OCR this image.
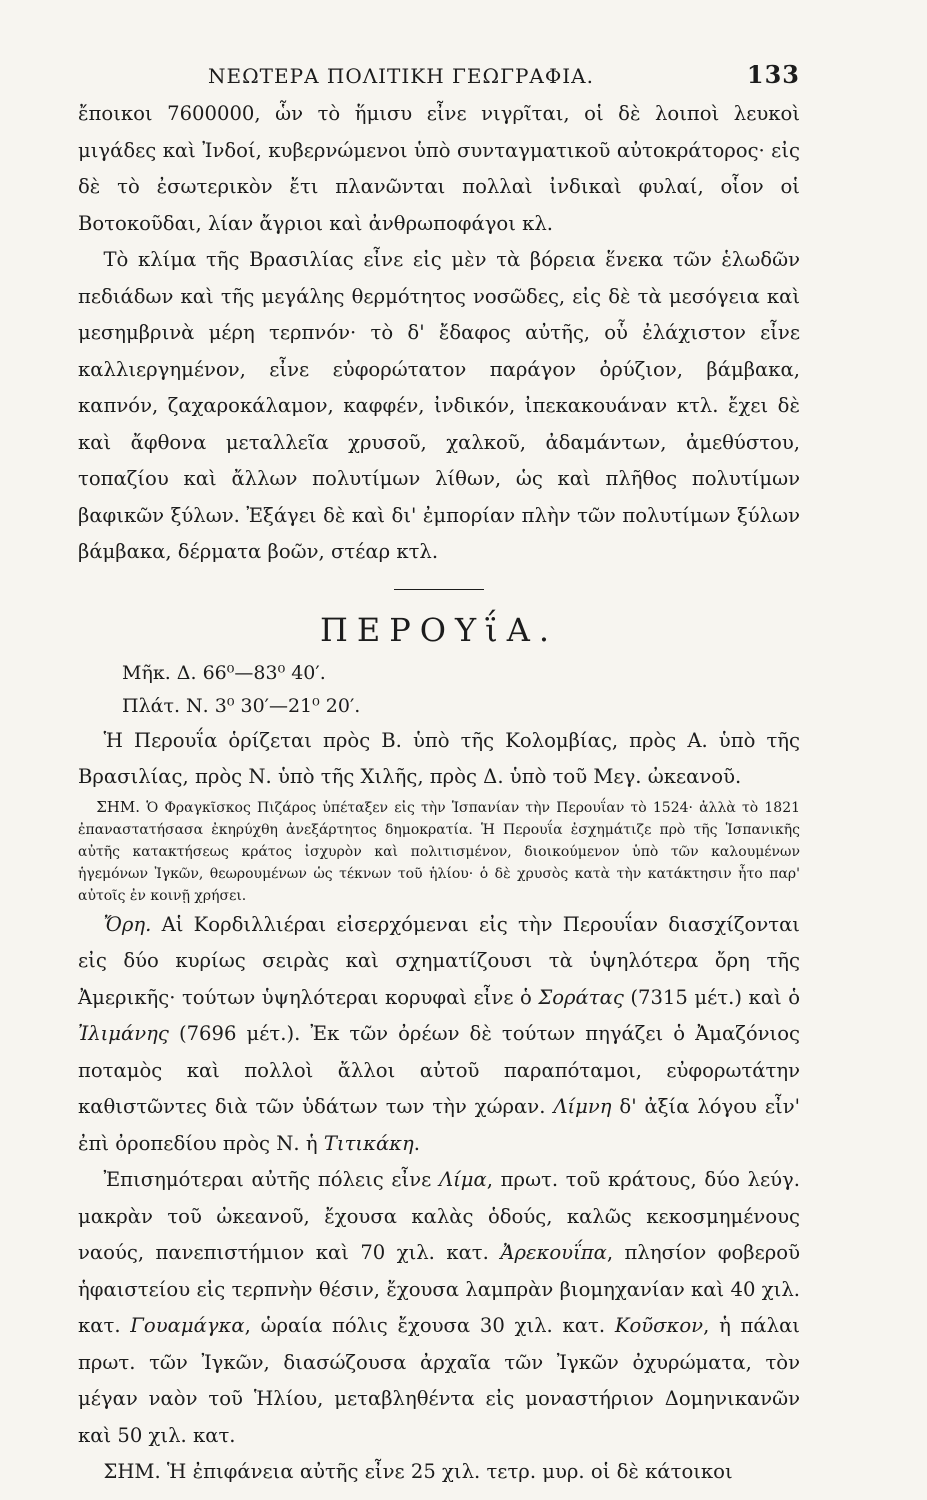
ΝΕΩΤΕΡΑ ΠΟΛΙΤΙΚΗ ΓΕΩΓΡΑΦΙΑ.	133

ἔποικοι 7600000, ὧν τὸ ἥμισυ εἶνε νιγρῖται, οἱ δὲ λοιποὶ λευκοὶ μιγάδες καὶ Ἰνδοί, κυβερνώμενοι ὑπὸ συνταγματικοῦ αὐτοκράτορος· εἰς δὲ τὸ ἐσωτερικὸν ἔτι πλανῶνται πολλαὶ ἰνδικαὶ φυλαί, οἷον οἱ Βοτοκοῦδαι, λίαν ἄγριοι καὶ ἀνθρωποφάγοι κλ.

Τὸ κλίμα τῆς Βρασιλίας εἶνε εἰς μὲν τὰ βόρεια ἕνεκα τῶν ἑλωδῶν πεδιάδων καὶ τῆς μεγάλης θερμότητος νοσῶδες, εἰς δὲ τὰ μεσόγεια καὶ μεσημβρινὰ μέρη τερπνόν· τὸ δ' ἔδαφος αὐτῆς, οὗ ἐλάχιστον εἶνε καλλιεργημένον, εἶνε εὐφορώτατον παράγον ὀρύζιον, βάμβακα, καπνόν, ζαχαροκάλαμον, καφφέν, ἰνδικόν, ἰπεκακουάναν κτλ. ἔχει δὲ καὶ ἄφθονα μεταλλεῖα χρυσοῦ, χαλκοῦ, ἀδαμάντων, ἀμεθύστου, τοπαζίου καὶ ἄλλων πολυτίμων λίθων, ὡς καὶ πλῆθος πολυτίμων βαφικῶν ξύλων. Ἐξάγει δὲ καὶ δι' ἐμπορίαν πλὴν τῶν πολυτίμων ξύλων βάμβακα, δέρματα βοῶν, στέαρ κτλ.

ΠΕΡΟΥΐΑ.
Μῆκ. Δ. 66⁰—83⁰ 40′.
Πλάτ. Ν. 3⁰ 30′—21⁰ 20′.

Ἡ Περουΐα ὁρίζεται πρὸς Β. ὑπὸ τῆς Κολομβίας, πρὸς Α. ὑπὸ τῆς Βρασιλίας, πρὸς Ν. ὑπὸ τῆς Χιλῆς, πρὸς Δ. ὑπὸ τοῦ Μεγ. ὠκεανοῦ.

ΣΗΜ. Ὁ Φραγκῖσκος Πιζάρος ὑπέταξεν εἰς τὴν Ἱσπανίαν τὴν Περουΐαν τὸ 1524· ἀλλὰ τὸ 1821 ἐπαναστατήσασα ἐκηρύχθη ἀνεξάρτητος δημοκρατία. Ἡ Περουΐα ἐσχημάτιζε πρὸ τῆς Ἱσπανικῆς αὐτῆς κατακτήσεως κράτος ἰσχυρὸν καὶ πολιτισμένον, διοικούμενον ὑπὸ τῶν καλουμένων ἡγεμόνων Ἰγκῶν, θεωρουμένων ὡς τέκνων τοῦ ἡλίου· ὁ δὲ χρυσὸς κατὰ τὴν κατάκτησιν ἦτο παρ' αὐτοῖς ἐν κοινῇ χρήσει.

Ὄρη. Αἱ Κορδιλλιέραι εἰσερχόμεναι εἰς τὴν Περουΐαν διασχίζονται εἰς δύο κυρίως σειρὰς καὶ σχηματίζουσι τὰ ὑψηλότερα ὄρη τῆς Ἀμερικῆς· τούτων ὑψηλότεραι κορυφαὶ εἶνε ὁ Σοράτας (7315 μέτ.) καὶ ὁ Ἰλιμάνης (7696 μέτ.). Ἐκ τῶν ὀρέων δὲ τούτων πηγάζει ὁ Ἀμαζόνιος ποταμὸς καὶ πολλοὶ ἄλλοι αὐτοῦ παραπόταμοι, εὐφορωτάτην καθιστῶντες διὰ τῶν ὑδάτων των τὴν χώραν. Λίμνη δ' ἀξία λόγου εἶν' ἐπὶ ὀροπεδίου πρὸς Ν. ἡ Τιτικάκη.

Ἐπισημότεραι αὐτῆς πόλεις εἶνε Λίμα, πρωτ. τοῦ κράτους, δύο λεύγ. μακρὰν τοῦ ὠκεανοῦ, ἔχουσα καλὰς ὁδούς, καλῶς κεκοσμημένους ναούς, πανεπιστήμιον καὶ 70 χιλ. κατ. Ἀρεκουΐπα, πλησίον φοβεροῦ ἡφαιστείου εἰς τερπνὴν θέσιν, ἔχουσα λαμπρὰν βιομηχανίαν καὶ 40 χιλ. κατ. Γουαμάγκα, ὡραία πόλις ἔχουσα 30 χιλ. κατ. Κοῦσκον, ἡ πάλαι πρωτ. τῶν Ἰγκῶν, διασώζουσα ἀρχαῖα τῶν Ἰγκῶν ὀχυρώματα, τὸν μέγαν ναὸν τοῦ Ἡλίου, μεταβληθέντα εἰς μοναστήριον Δομηνικανῶν καὶ 50 χιλ. κατ.

ΣΗΜ. Ἡ ἐπιφάνεια αὐτῆς εἶνε 25 χιλ. τετρ. μυρ. οἱ δὲ κάτοικοι
